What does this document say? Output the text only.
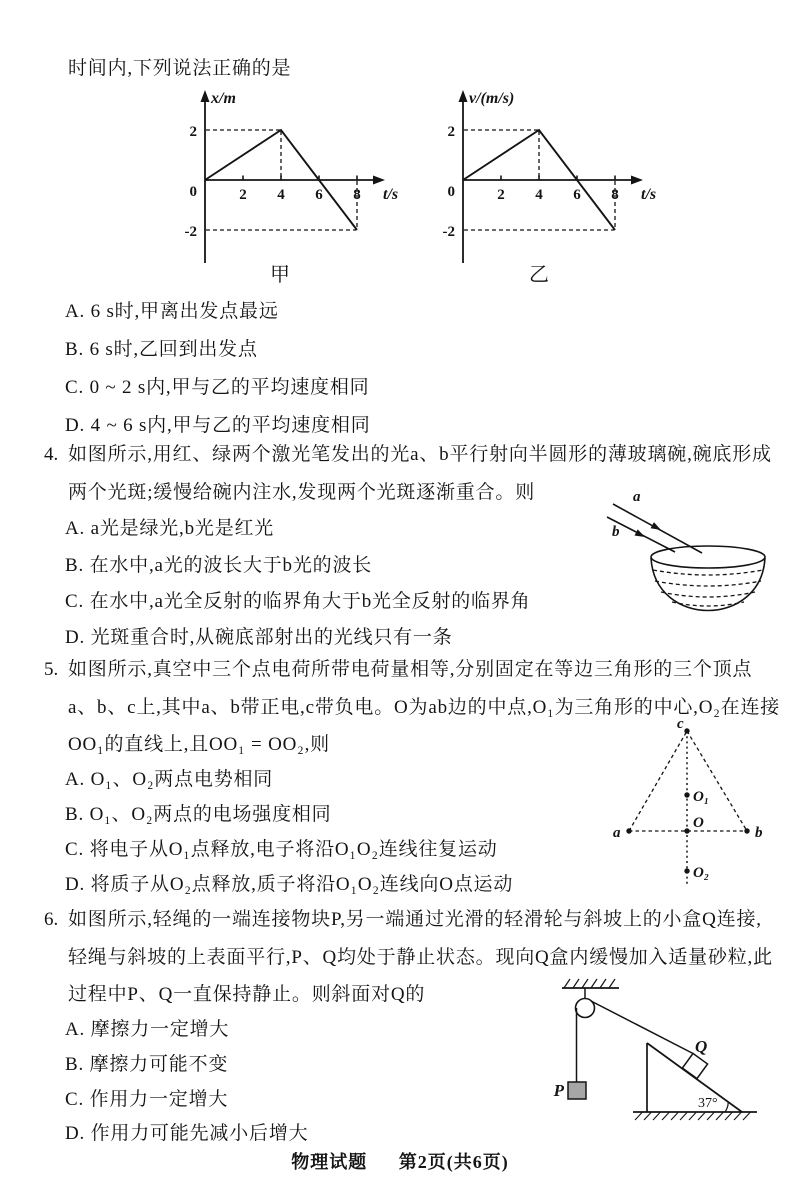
时间内,下列说法正确的是
x/m
2
0
-2
2 4 6 8 t/s
甲
v/(m/s)
2
0
-2
2 4 6 8 t/s
乙
A. 6 s时,甲离出发点最远
B. 6 s时,乙回到出发点
C. 0 ~ 2 s内,甲与乙的平均速度相同
D. 4 ~ 6 s内,甲与乙的平均速度相同
4. 如图所示,用红、绿两个激光笔发出的光a、b平行射向半圆形的薄玻璃碗,碗底形成
两个光斑;缓慢给碗内注水,发现两个光斑逐渐重合。则
A. a光是绿光,b光是红光
B. 在水中,a光的波长大于b光的波长
C. 在水中,a光全反射的临界角大于b光全反射的临界角
D. 光斑重合时,从碗底部射出的光线只有一条
a
b
5. 如图所示,真空中三个点电荷所带电荷量相等,分别固定在等边三角形的三个顶点
a、b、c上,其中a、b带正电,c带负电。O为ab边的中点,O₁为三角形的中心,O₂在连接
OO₁的直线上,且OO₁ = OO₂,则
A. O₁、O₂两点电势相同
B. O₁、O₂两点的电场强度相同
C. 将电子从O₁点释放,电子将沿O₁O₂连线往复运动
D. 将质子从O₂点释放,质子将沿O₁O₂连线向O点运动
c
a	b
O
O₁
O₂
6. 如图所示,轻绳的一端连接物块P,另一端通过光滑的轻滑轮与斜坡上的小盒Q连接,
轻绳与斜坡的上表面平行,P、Q均处于静止状态。现向Q盒内缓慢加入适量砂粒,此
过程中P、Q一直保持静止。则斜面对Q的
A. 摩擦力一定增大
B. 摩擦力可能不变
C. 作用力一定增大
D. 作用力可能先减小后增大
P
Q
37°
物理试题 第2页(共6页)
